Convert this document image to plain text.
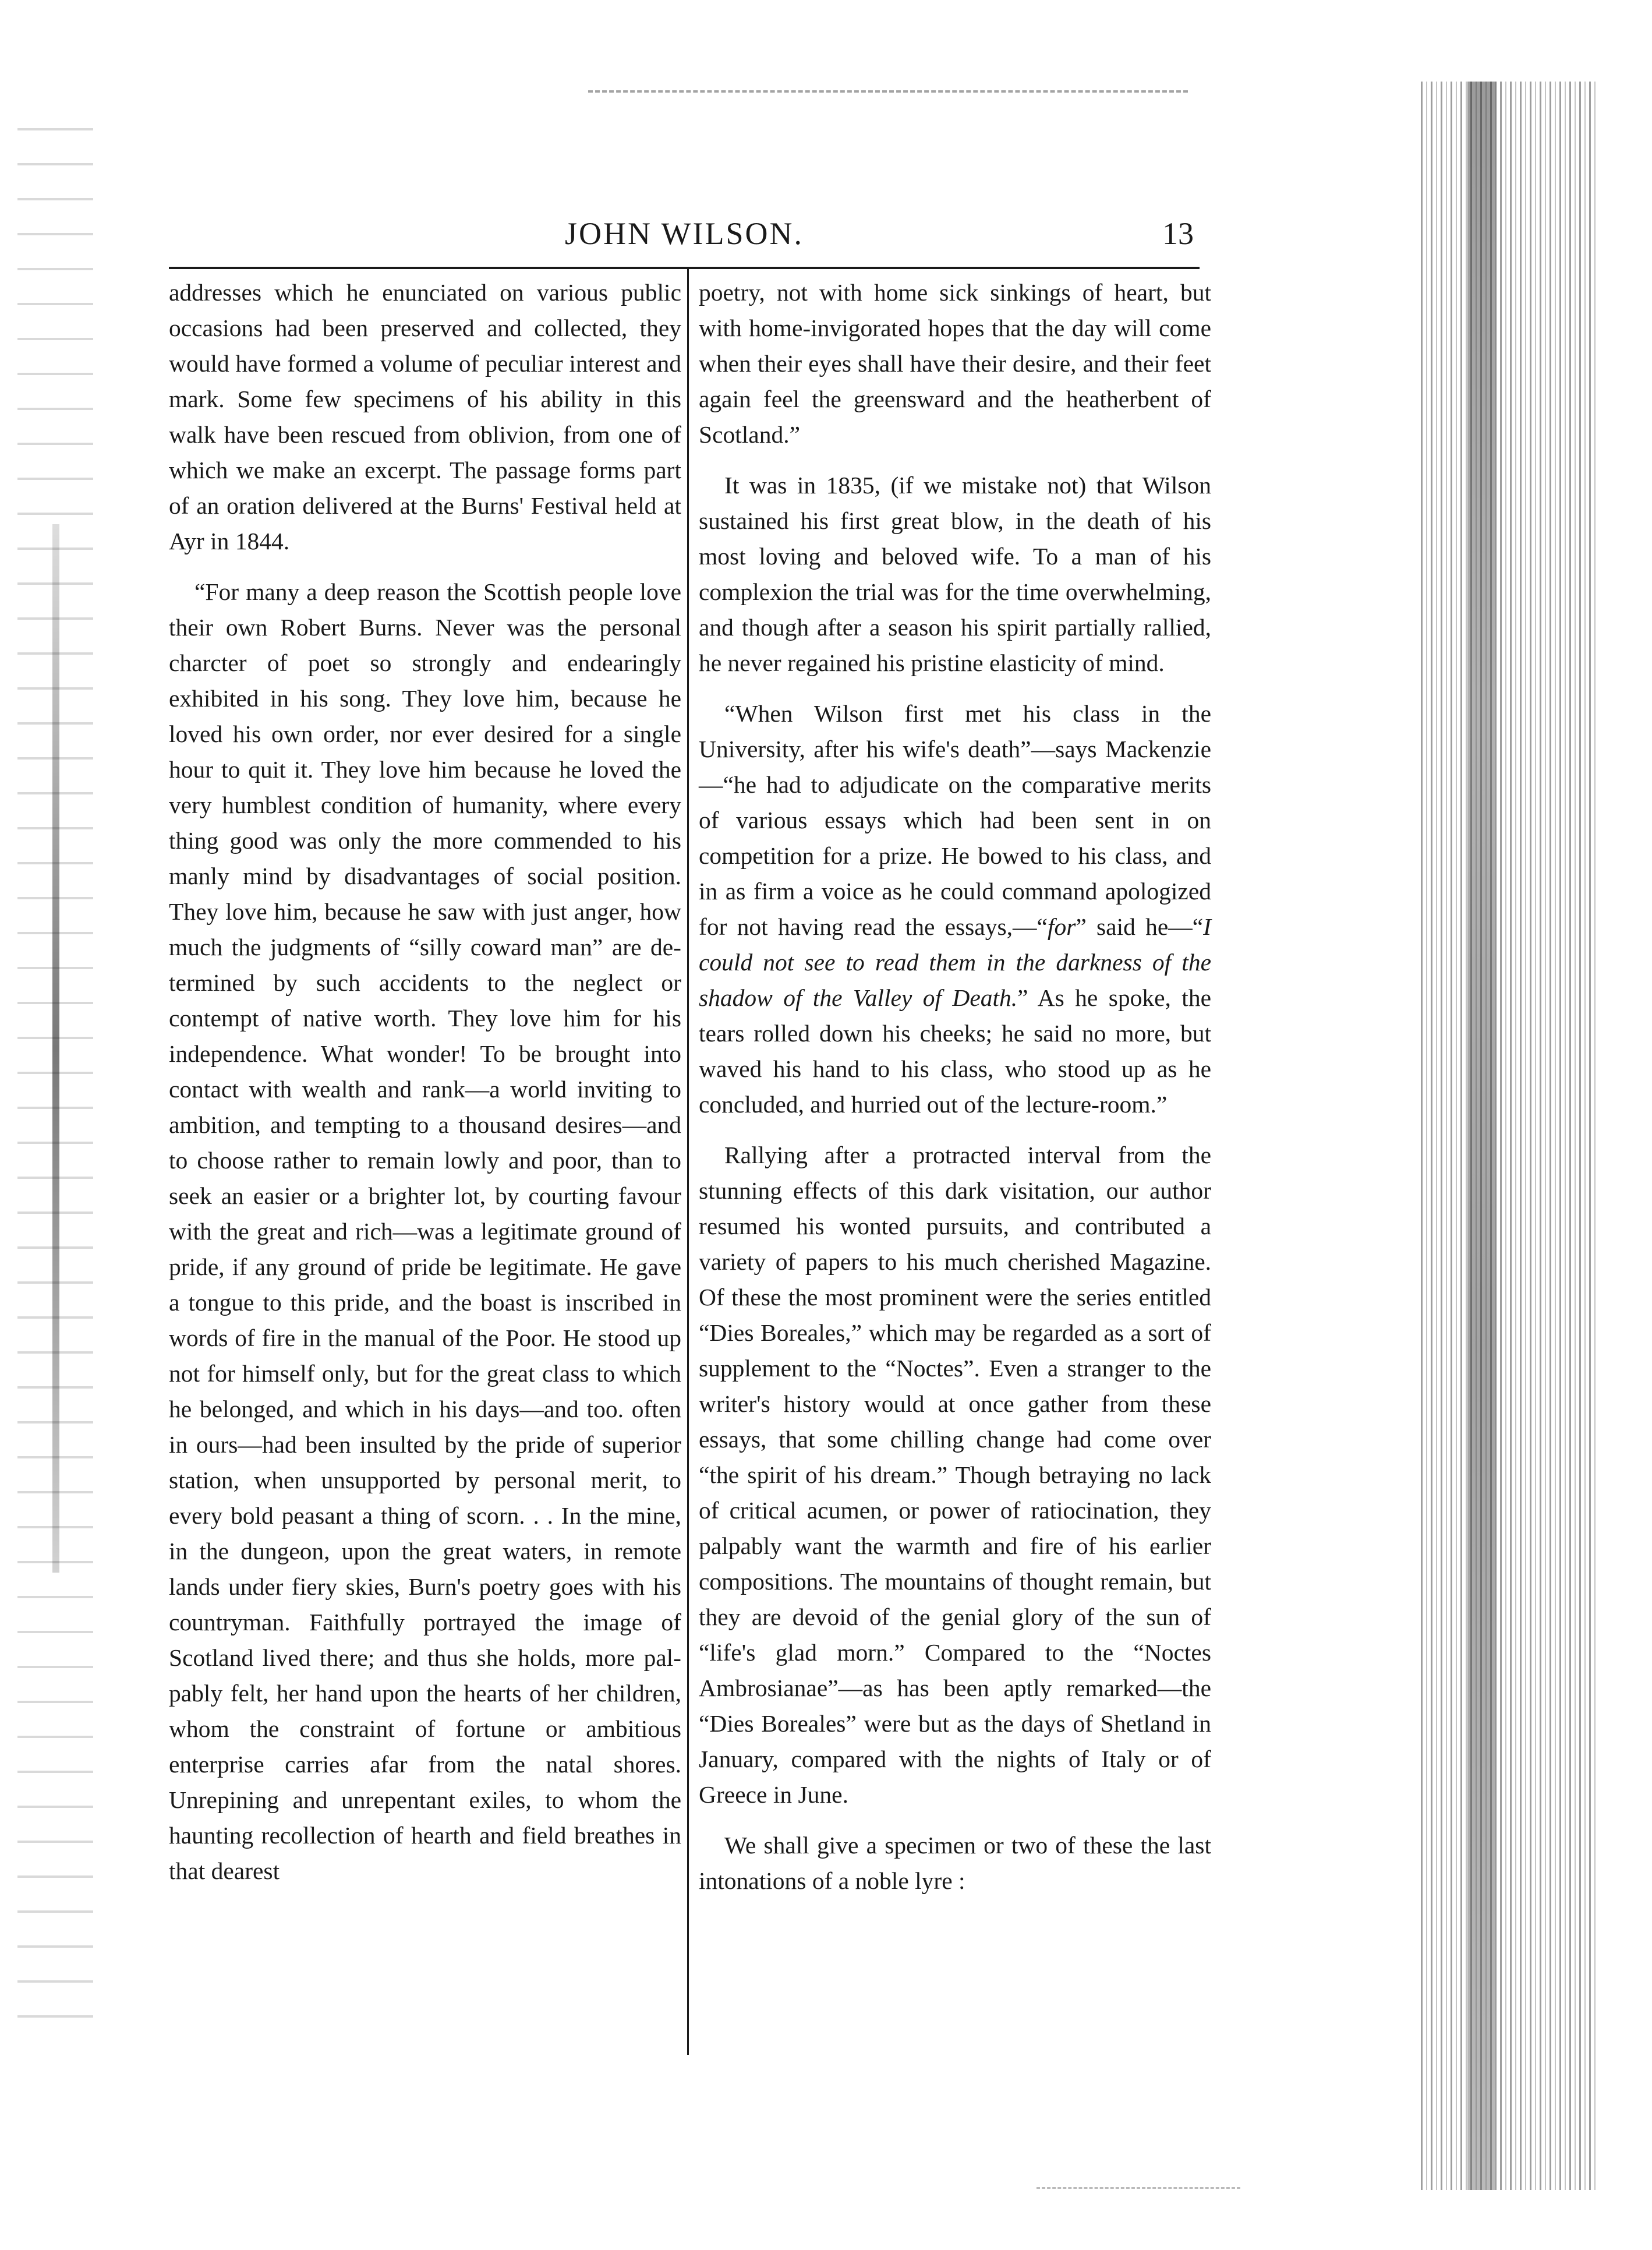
JOHN WILSON.	13

addresses which he enunciated on various public occasions had been preserved and collected, they would have formed a volume of peculiar interest and mark. Some few specimens of his ability in this walk have been rescued from oblivion, from one of which we make an excerpt. The passage forms part of an oration delivered at the Burns' Festival held at Ayr in 1844.

“For many a deep reason the Scottish people love their own Robert Burns. Never was the personal charcter of poet so strongly and endearingly exhibited in his song. They love him, because he loved his own order, nor ever desired for a single hour to quit it. They love him because he loved the very humblest condition of humanity, where every thing good was only the more commended to his manly mind by disadvantages of social position. They love him, because he saw with just anger, how much the judgments of “silly coward man” are determined by such accidents to the neglect or contempt of native worth. They love him for his independence. What wonder! To be brought into contact with wealth and rank—a world inviting to ambition, and tempting to a thousand desires—and to choose rather to remain lowly and poor, than to seek an easier or a brighter lot, by courting favour with the great and rich—was a legitimate ground of pride, if any ground of pride be legitimate. He gave a tongue to this pride, and the boast is inscribed in words of fire in the manual of the Poor. He stood up not for himself only, but for the great class to which he belonged, and which in his days—and too. often in ours—had been insulted by the pride of superior station, when unsupported by personal merit, to every bold peasant a thing of scorn. . . In the mine, in the dungeon, upon the great waters, in remote lands under fiery skies, Burn's poetry goes with his countryman. Faithfully portrayed the image of Scotland lived there; and thus she holds, more palpably felt, her hand upon the hearts of her children, whom the constraint of fortune or ambitious enterprise carries afar from the natal shores. Unrepining and unrepentant exiles, to whom the haunting recollection of hearth and field breathes in that dearest

poetry, not with home sick sinkings of heart, but with home-invigorated hopes that the day will come when their eyes shall have their desire, and their feet again feel the greensward and the heatherbent of Scotland.”

It was in 1835, (if we mistake not) that Wilson sustained his first great blow, in the death of his most loving and beloved wife. To a man of his complexion the trial was for the time overwhelming, and though after a season his spirit partially rallied, he never regained his pristine elasticity of mind.

“When Wilson first met his class in the University, after his wife's death”—says Mackenzie—“he had to adjudicate on the comparative merits of various essays which had been sent in on competition for a prize. He bowed to his class, and in as firm a voice as he could command apologized for not having read the essays,—“for” said he—“I could not see to read them in the darkness of the shadow of the Valley of Death.” As he spoke, the tears rolled down his cheeks; he said no more, but waved his hand to his class, who stood up as he concluded, and hurried out of the lecture-room.”

Rallying after a protracted interval from the stunning effects of this dark visitation, our author resumed his wonted pursuits, and contributed a variety of papers to his much cherished Magazine. Of these the most prominent were the series entitled “Dies Boreales,” which may be regarded as a sort of supplement to the “Noctes”. Even a stranger to the writer's history would at once gather from these essays, that some chilling change had come over “the spirit of his dream.” Though betraying no lack of critical acumen, or power of ratiocination, they palpably want the warmth and fire of his earlier compositions. The mountains of thought remain, but they are devoid of the genial glory of the sun of “life's glad morn.” Compared to the “Noctes Ambrosianae”—as has been aptly remarked—the “Dies Boreales” were but as the days of Shetland in January, compared with the nights of Italy or of Greece in June.

We shall give a specimen or two of these the last intonations of a noble lyre :
